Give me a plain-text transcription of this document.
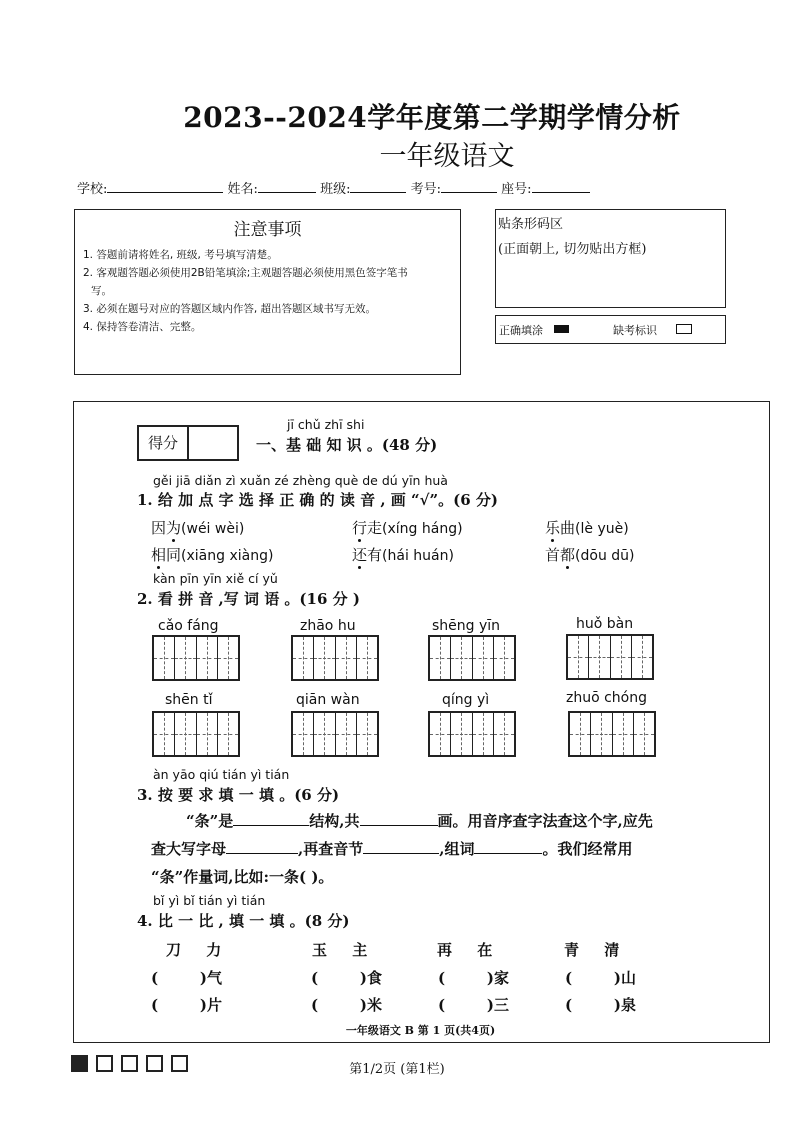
2023--2024学年度第二学期学情分析
一年级语文
学校:	姓名:	班级:	考号:	座号:
注意事项
1. 答题前请将姓名, 班级, 考号填写清楚。
2. 客观题答题必须使用2B铅笔填涂;主观题答题必须使用黑色签字笔书
写。
3. 必须在题号对应的答题区域内作答, 超出答题区域书写无效。
4. 保持答卷清洁、完整。
贴条形码区
(正面朝上, 切勿贴出方框)
正确填涂	缺考标识
得分
jī chǔ zhī shi
一、基 础 知 识 。(48 分)
gěi jiā diǎn zì xuǎn zé zhèng què de dú yīn huà
1. 给 加 点 字 选 择 正 确 的 读 音 , 画 “√”。(6 分)
因为(wéi wèi)	行走(xíng háng)	乐曲(lè yuè)
相同(xiāng xiàng)	还有(hái huán)	首都(dōu dū)
kàn pīn yīn xiě cí yǔ
2. 看 拼 音 ,写 词 语 。(16 分 )
cǎo fáng	zhāo hu	shēng yīn	huǒ bàn
shēn tǐ	qiān wàn	qíng yì	zhuō chóng
àn yāo qiú tián yì tián
3. 按 要 求 填 一 填 。(6 分)
“条”是	结构,共	画。用音序查字法查这个字,应先
查大写字母	,再查音节	,组词	。我们经常用
“条”作量词,比如:一条( )。
bǐ yì bǐ tián yì tián
4. 比 一 比 , 填 一 填 。(8 分)
刀 力	玉 主	再 在	青 清
(        )气	(        )食	(        )家	(        )山
(        )片	(        )米	(        )三	(        )泉
一年级语文 B 第 1 页(共4页)
第1/2页 (第1栏)
